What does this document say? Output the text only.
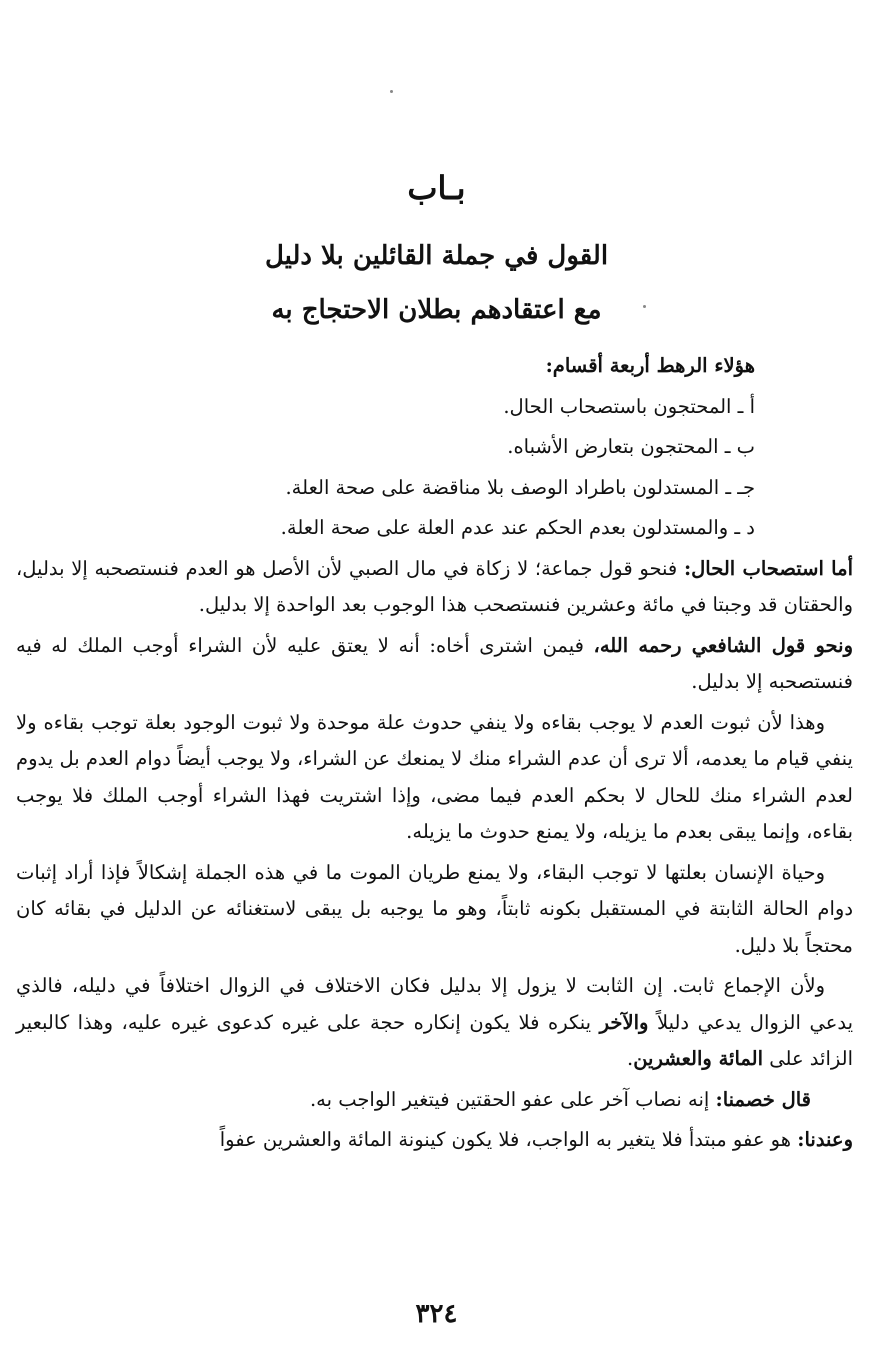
بـاب
القول في جملة القائلين بلا دليل
مع اعتقادهم بطلان الاحتجاج به

هؤلاء الرهط أربعة أقسام:

أ ـ المحتجون باستصحاب الحال.

ب ـ المحتجون بتعارض الأشباه.

جـ ـ المستدلون باطراد الوصف بلا مناقضة على صحة العلة.

د ـ والمستدلون بعدم الحكم عند عدم العلة على صحة العلة.

أما استصحاب الحال: فنحو قول جماعة؛ لا زكاة في مال الصبي لأن الأصل هو العدم فنستصحبه إلا بدليل، والحقتان قد وجبتا في مائة وعشرين فنستصحب هذا الوجوب بعد الواحدة إلا بدليل.

ونحو قول الشافعي رحمه الله، فيمن اشترى أخاه: أنه لا يعتق عليه لأن الشراء أوجب الملك له فيه فنستصحبه إلا بدليل.

وهذا لأن ثبوت العدم لا يوجب بقاءه ولا ينفي حدوث علة موحدة ولا ثبوت الوجود بعلة توجب بقاءه ولا ينفي قيام ما يعدمه، ألا ترى أن عدم الشراء منك لا يمنعك عن الشراء، ولا يوجب أيضاً دوام العدم بل يدوم لعدم الشراء منك للحال لا بحكم العدم فيما مضى، وإذا اشتريت فهذا الشراء أوجب الملك فلا يوجب بقاءه، وإنما يبقى بعدم ما يزيله، ولا يمنع حدوث ما يزيله.

وحياة الإنسان بعلتها لا توجب البقاء، ولا يمنع طريان الموت ما في هذه الجملة إشكالاً فإذا أراد إثبات دوام الحالة الثابتة في المستقبل بكونه ثابتاً، وهو ما يوجبه بل يبقى لاستغنائه عن الدليل في بقائه كان محتجاً بلا دليل.

ولأن الإجماع ثابت. إن الثابت لا يزول إلا بدليل فكان الاختلاف في الزوال اختلافاً في دليله، فالذي يدعي الزوال يدعي دليلاً والآخر ينكره فلا يكون إنكاره حجة على غيره كدعوى غيره عليه، وهذا كالبعير الزائد على المائة والعشرين.

قال خصمنا: إنه نصاب آخر على عفو الحقتين فيتغير الواجب به.

وعندنا: هو عفو مبتدأ فلا يتغير به الواجب، فلا يكون كينونة المائة والعشرين عفواً

٣٢٤
